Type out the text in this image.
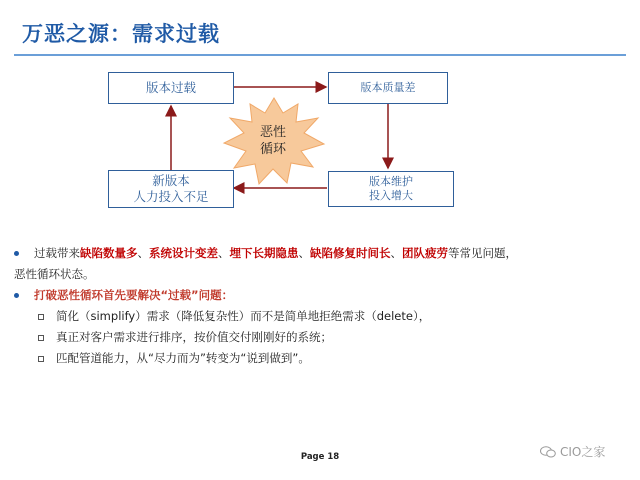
万恶之源：需求过载
版本过载	版本质量差
版本维护
投入增大
新版本
人力投入不足
恶性
循环
过载带来缺陷数量多、系统设计变差、埋下长期隐患、缺陷修复时间长、团队疲劳等常见问题，
恶性循环状态。
打破恶性循环首先要解决“过载”问题：
简化（simplify）需求（降低复杂性）而不是简单地拒绝需求（delete），
真正对客户需求进行排序，按价值交付刚刚好的系统；
匹配管道能力，从“尽力而为”转变为“说到做到”。
Page 18	CIO之家
